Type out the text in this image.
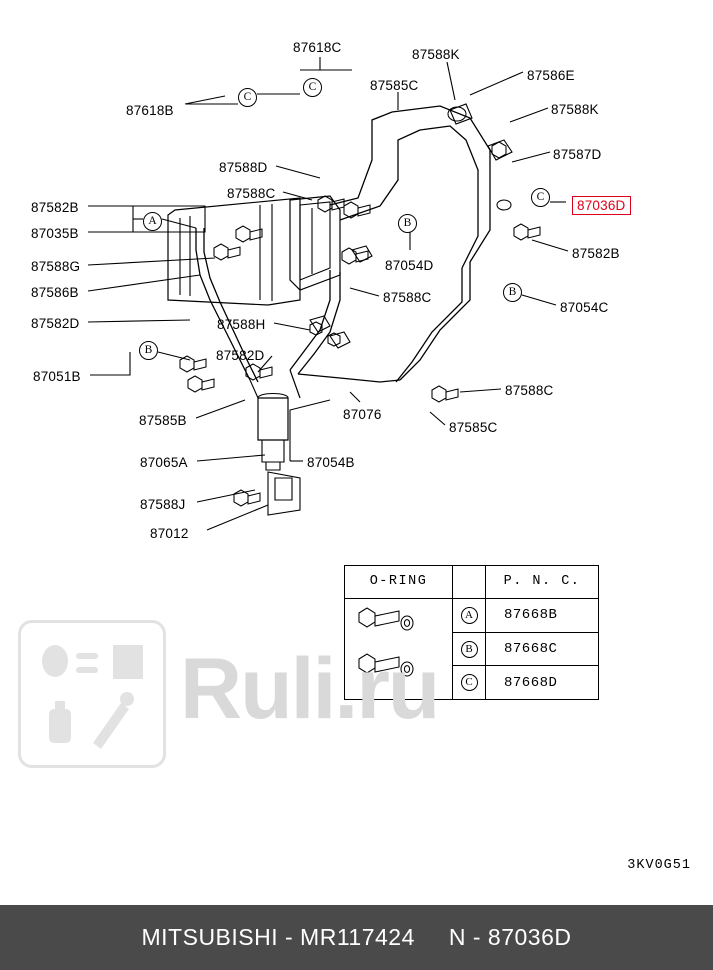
87618C	87588K
87586E
87585C
87618B	87588K
87587D
87588D
87588C
87036D
87582B
87035B
87582B
87054D
87588G
87586B	87588C
87054C
87582D	87588H
87582D
87051B
87588C
87585B	87076
87585C
87065A	87054B
87588J
87012
C
C
C
A	B
B
B
O-RING	P. N. C.
A	87668B
B	87668C
C	87668D
Ruli.ru
3KV0G51
MITSUBISHI - MR117424 N - 87036D
